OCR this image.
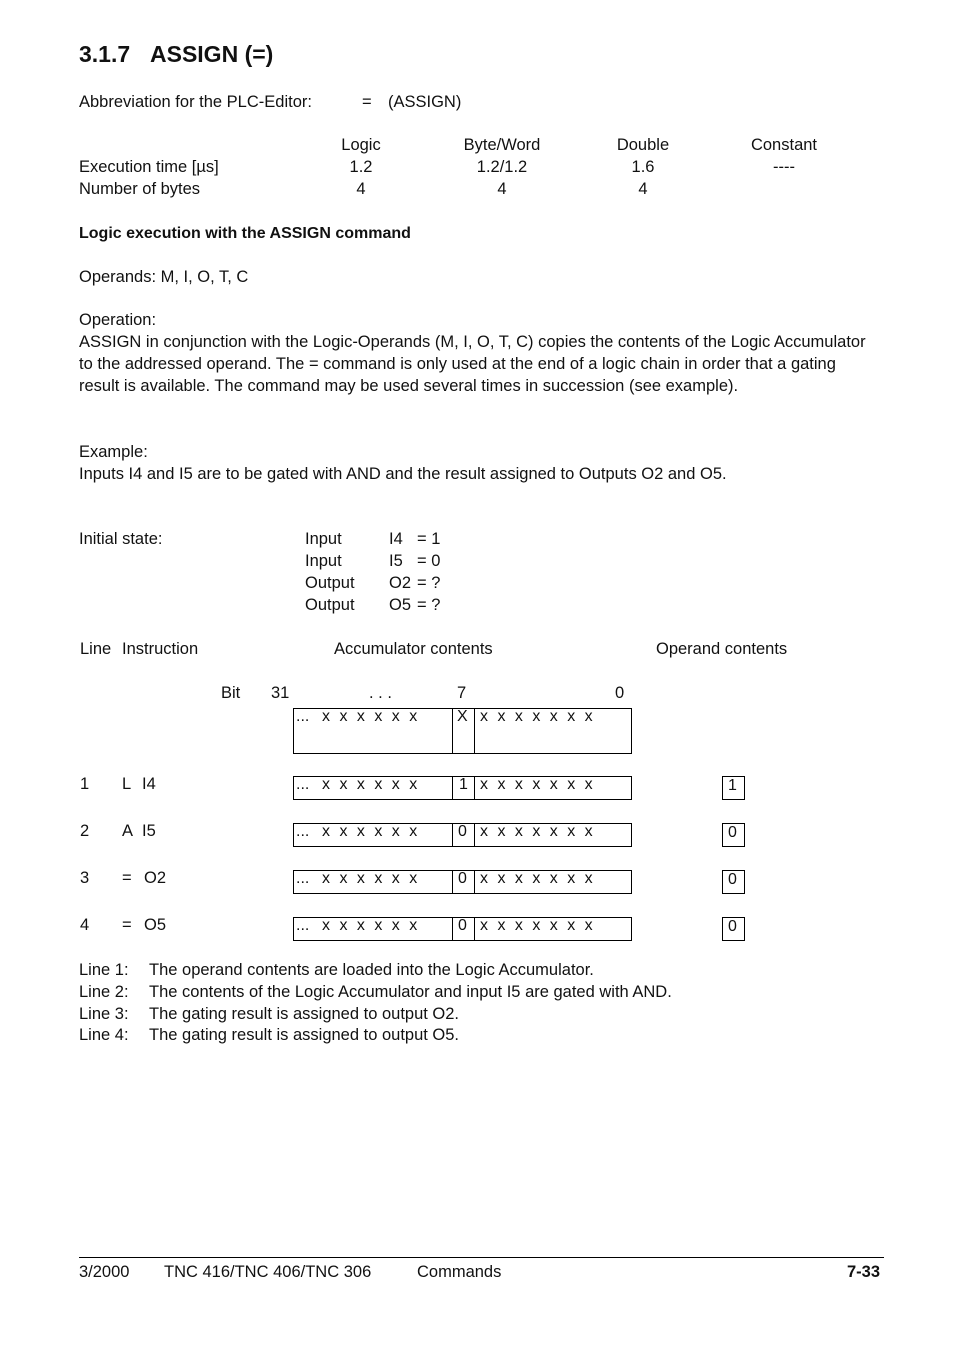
3.1.7 ASSIGN (=)
Abbreviation for the PLC-Editor:	= (ASSIGN)
Logic	Byte/Word	Double	Constant
Execution time [µs]	1.2	1.2/1.2	1.6	----
Number of bytes	4	4	4
Logic execution with the ASSIGN command
Operands: M, I, O, T, C
Operation:
ASSIGN in conjunction with the Logic-Operands (M, I, O, T, C) copies the contents of the Logic Accumulator to the addressed operand. The = command is only used at the end of a logic chain in order that a gating result is available. The command may be used several times in succession (see example).
Example:
Inputs I4 and I5 are to be gated with AND and the result assigned to Outputs O2 and O5.
Initial state:	Input	I4 = 1
Input	I5 = 0
Output O2 = ?
Output O5 = ?
Line Instruction	Accumulator contents	Operand contents
Bit 31	. . .	7	0
... x x x x x x X x x x x x x x
1 L I4	... x x x x x x	1 x x x x x x x	1
2 A I5	... x x x x x x	0 x x x x x x x	0
3 = O2	... x x x x x x	0 x x x x x x x	0
4 = O5	... x x x x x x	0 x x x x x x x	0
Line 1: The operand contents are loaded into the Logic Accumulator.
Line 2: The contents of the Logic Accumulator and input I5 are gated with AND.
Line 3: The gating result is assigned to output O2.
Line 4: The gating result is assigned to output O5.
3/2000 TNC 416/TNC 406/TNC 306	Commands	7-33
